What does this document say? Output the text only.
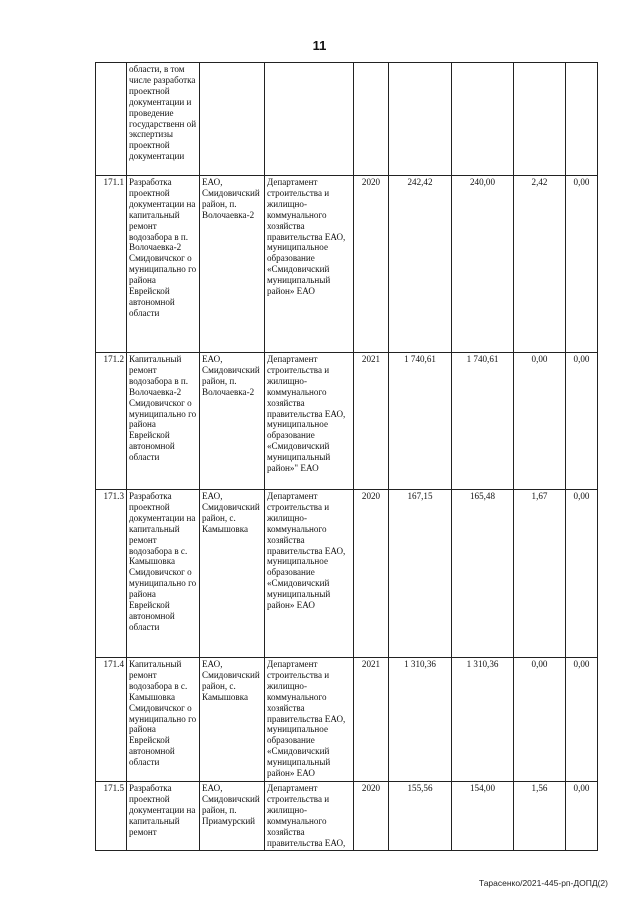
11
	области, в том числе разработка проектной документации и проведение государственн ой экспертизы проектной документации							
171.1	Разработка проектной документации на капитальный ремонт водозабора в п. Волочаевка-2 Смидовичског о муниципально го района Еврейской автономной области	ЕАО, Смидовичский район, п. Волочаевка-2	Департамент строительства и жилищно-коммунального хозяйства правительства ЕАО, муниципальное образование «Смидовичский муниципальный район» ЕАО	2020	242,42	240,00	2,42	0,00
171.2	Капитальный ремонт водозабора в п. Волочаевка-2 Смидовичског о муниципально го района Еврейской автономной области	ЕАО, Смидовичский район, п. Волочаевка-2	Департамент строительства и жилищно-коммунального хозяйства правительства ЕАО, муниципальное образование «Смидовичский муниципальный район»" ЕАО	2021	1 740,61	1 740,61	0,00	0,00
171.3	Разработка проектной документации на капитальный ремонт водозабора в с. Камышовка Смидовичског о муниципально го района Еврейской автономной области	ЕАО, Смидовичский район, с. Камышовка	Департамент строительства и жилищно-коммунального хозяйства правительства ЕАО, муниципальное образование «Смидовичский муниципальный район» ЕАО	2020	167,15	165,48	1,67	0,00
171.4	Капитальный ремонт водозабора в с. Камышовка Смидовичског о муниципально го района Еврейской автономной области	ЕАО, Смидовичский район, с. Камышовка	Департамент строительства и жилищно-коммунального хозяйства правительства ЕАО, муниципальное образование «Смидовичский муниципальный район» ЕАО	2021	1 310,36	1 310,36	0,00	0,00
171.5	Разработка проектной документации на капитальный ремонт	ЕАО, Смидовичский район, п. Приамурский	Департамент строительства и жилищно-коммунального хозяйства правительства ЕАО,	2020	155,56	154,00	1,56	0,00
Тарасенко/2021-445-рп-ДОПД(2)
